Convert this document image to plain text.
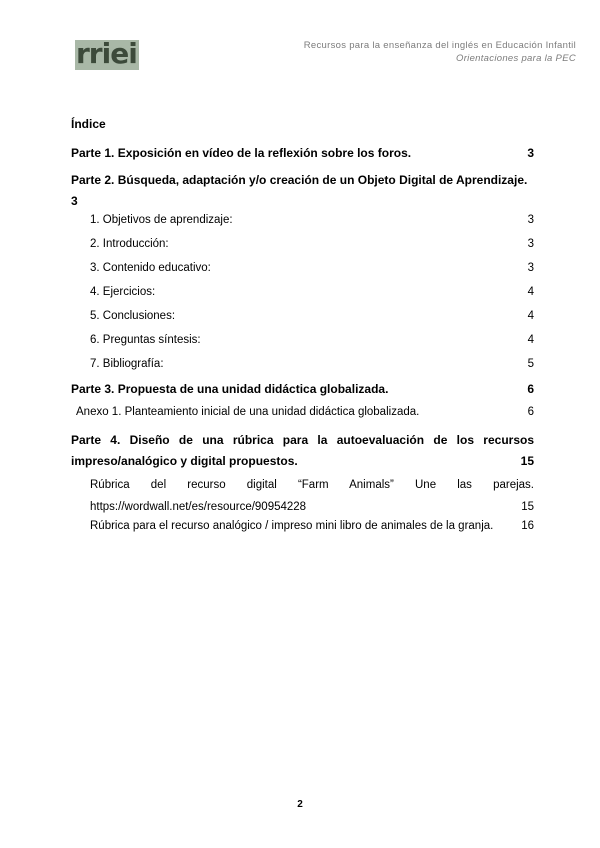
rriei	Recursos para la enseñanza del inglés en Educación Infantil
Orientaciones para la PEC
Índice
Parte 1. Exposición en vídeo de la reflexión sobre los foros.	3
Parte 2. Búsqueda, adaptación y/o creación de un Objeto Digital de Aprendizaje.
3
1. Objetivos de aprendizaje:	3
2. Introducción:	3
3. Contenido educativo:	3
4. Ejercicios:	4
5. Conclusiones:	4
6. Preguntas síntesis:	4
7. Bibliografía:	5
Parte 3. Propuesta de una unidad didáctica globalizada.	6
Anexo 1. Planteamiento inicial de una unidad didáctica globalizada.	6
Parte 4. Diseño de una rúbrica para la autoevaluación de los recursos
impreso/analógico y digital propuestos.	15
Rúbrica del recurso digital “Farm Animals” Une las parejas.
https://wordwall.net/es/resource/90954228	15
Rúbrica para el recurso analógico / impreso mini libro de animales de la granja. 16
2
